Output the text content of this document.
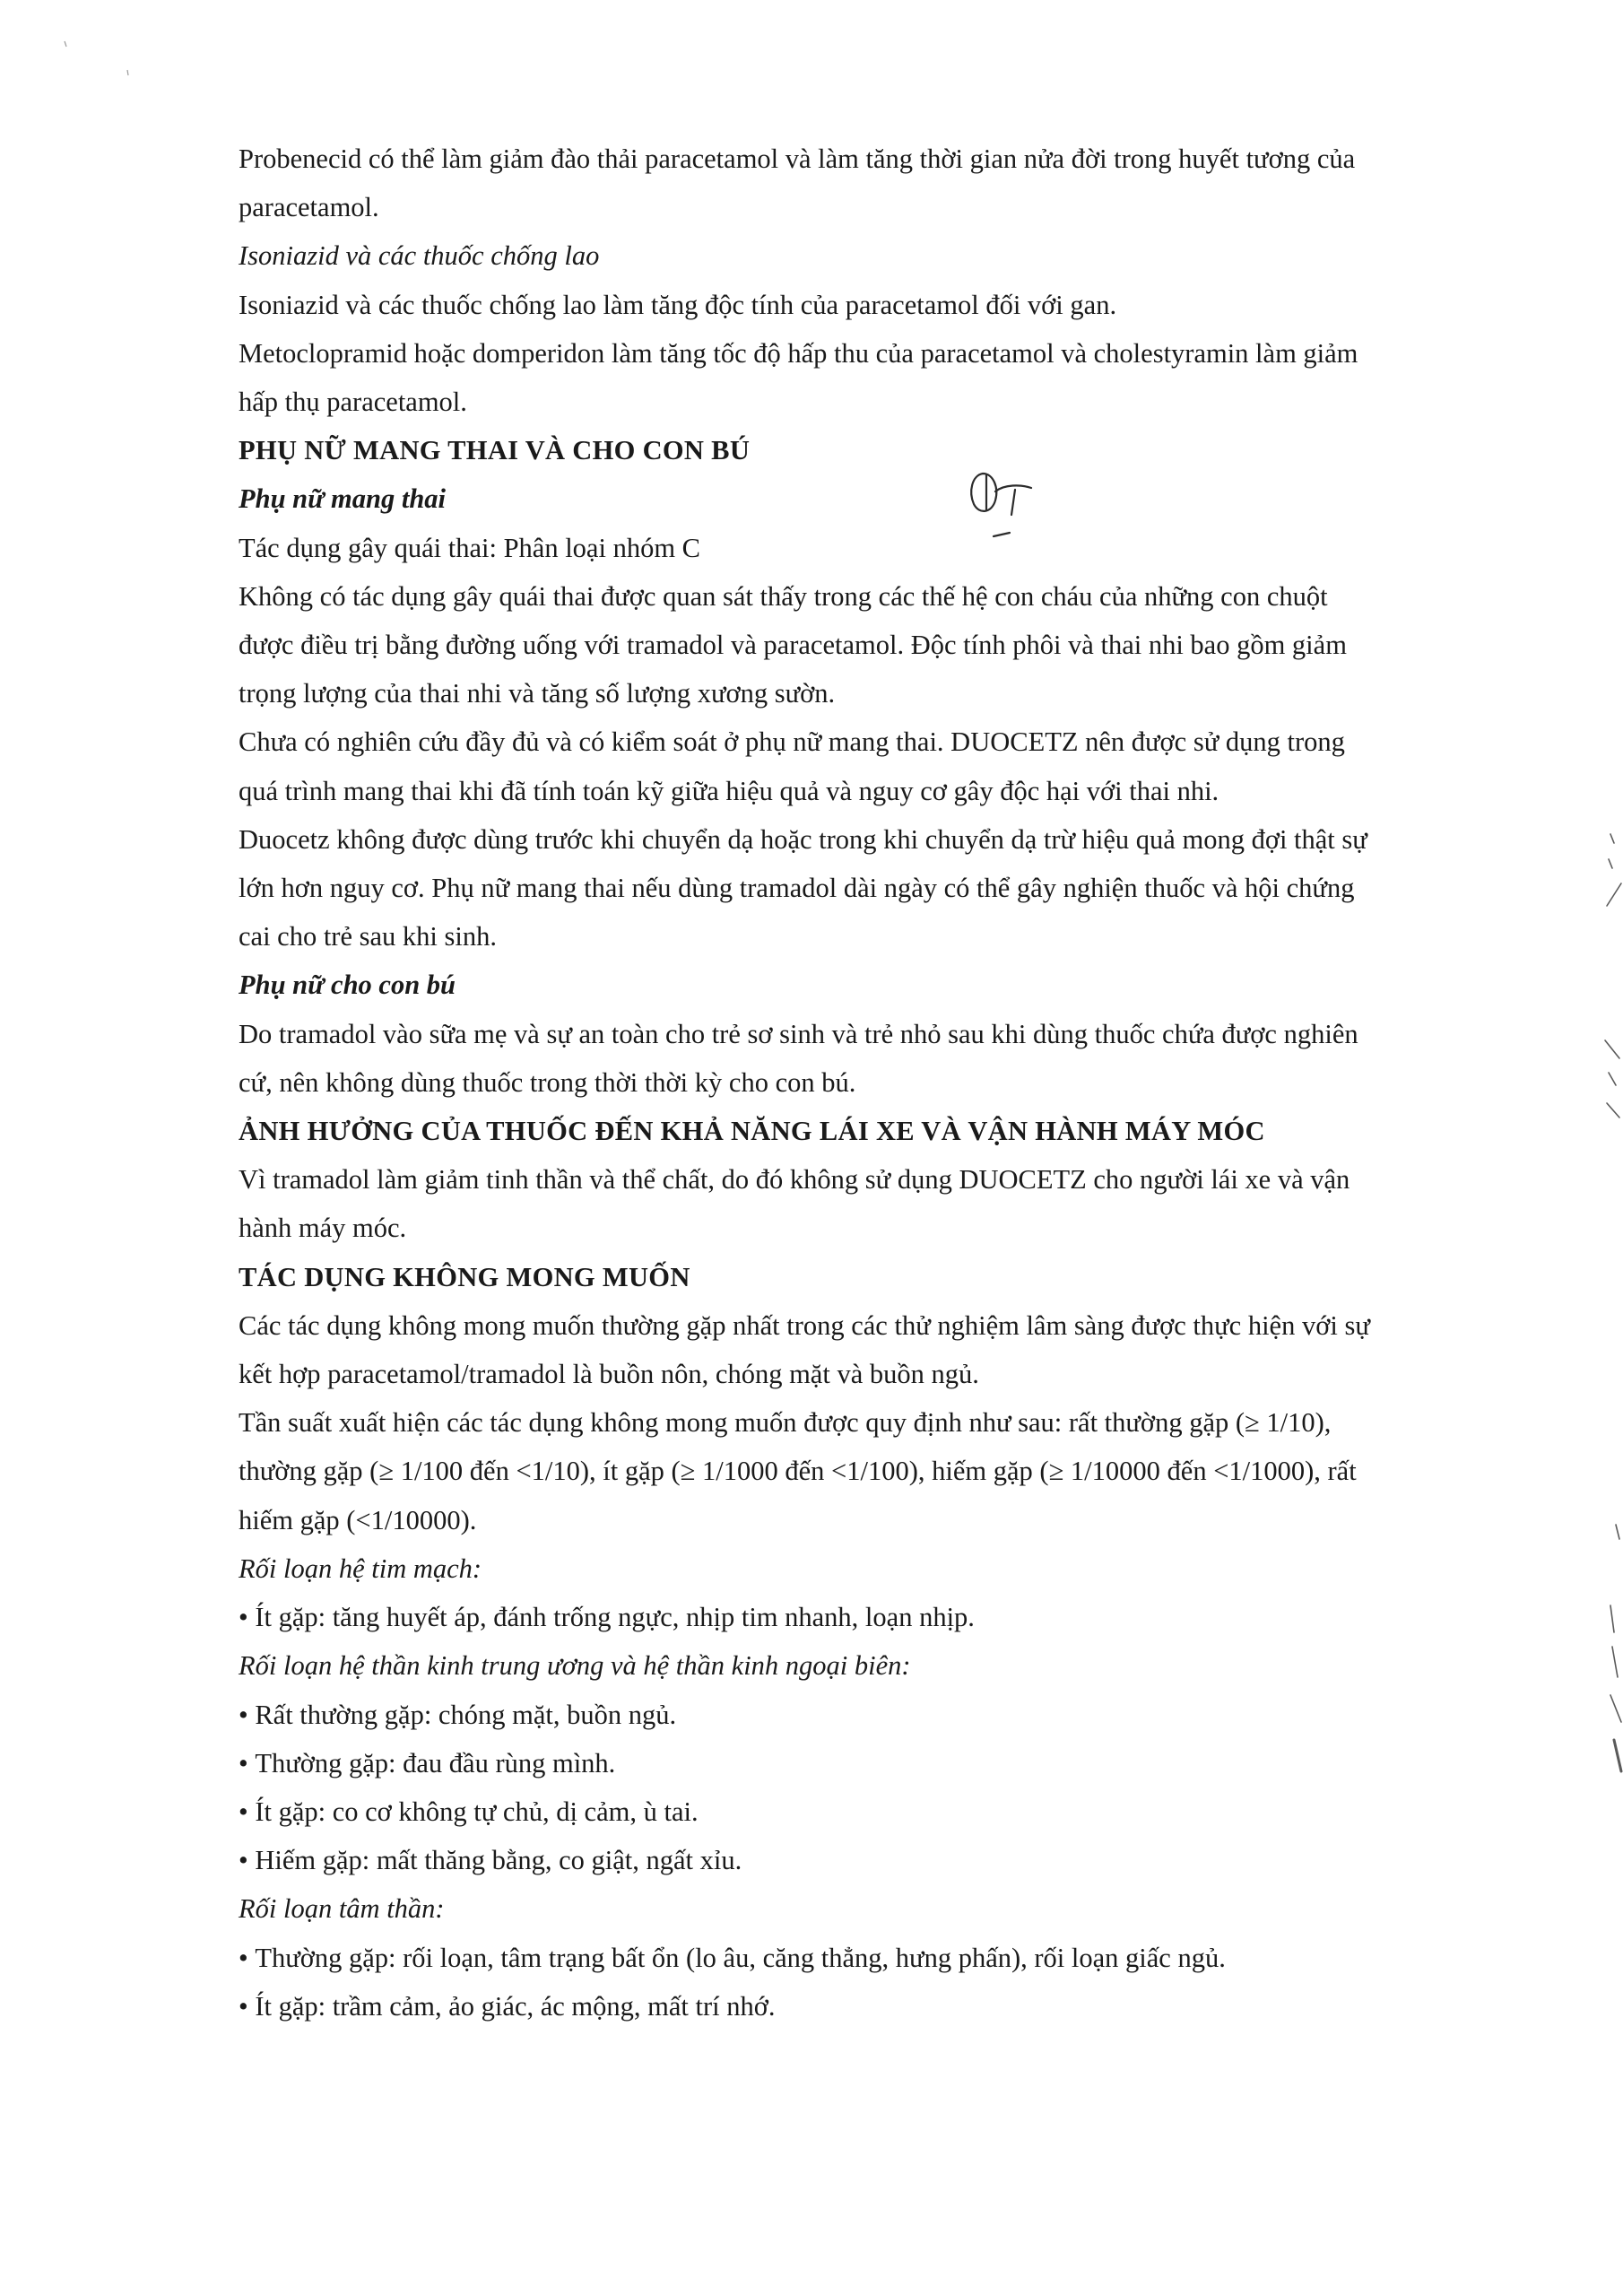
Probenecid có thể làm giảm đào thải paracetamol và làm tăng thời gian nửa đời trong huyết tương của

paracetamol.

Isoniazid và các thuốc chống lao

Isoniazid và các thuốc chống lao làm tăng độc tính của paracetamol đối với gan.

Metoclopramid hoặc domperidon làm tăng tốc độ hấp thu của paracetamol và cholestyramin làm giảm

hấp thụ paracetamol.

PHỤ NỮ MANG THAI VÀ CHO CON BÚ

Phụ nữ mang thai

Tác dụng gây quái thai: Phân loại nhóm C

Không có tác dụng gây quái thai được quan sát thấy trong các thế hệ con cháu của những con chuột

được điều trị bằng đường uống với tramadol và paracetamol. Độc tính phôi và thai nhi bao gồm giảm

trọng lượng của thai nhi và tăng số lượng xương sườn.

Chưa có nghiên cứu đầy đủ và có kiểm soát ở phụ nữ mang thai. DUOCETZ nên được sử dụng trong

quá trình mang thai khi đã tính toán kỹ giữa hiệu quả và nguy cơ gây độc hại với thai nhi.

Duocetz không được dùng trước khi chuyển dạ hoặc trong khi chuyển dạ trừ hiệu quả mong đợi thật sự

lớn hơn nguy cơ. Phụ nữ mang thai nếu dùng tramadol dài ngày có thể gây nghiện thuốc và hội chứng

cai cho trẻ sau khi sinh.

Phụ nữ cho con bú

Do tramadol vào sữa mẹ và sự an toàn cho trẻ sơ sinh và trẻ nhỏ sau khi dùng thuốc chứa được nghiên

cứ, nên không dùng thuốc trong thời thời kỳ cho con bú.

ẢNH HƯỞNG CỦA THUỐC ĐẾN KHẢ NĂNG LÁI XE VÀ VẬN HÀNH MÁY MÓC

Vì tramadol làm giảm tinh thần và thể chất, do đó không sử dụng DUOCETZ cho người lái xe và vận

hành máy móc.

TÁC DỤNG KHÔNG MONG MUỐN

Các tác dụng không mong muốn thường gặp nhất trong các thử nghiệm lâm sàng được thực hiện với sự

kết hợp paracetamol/tramadol là buồn nôn, chóng mặt và buồn ngủ.

Tần suất xuất hiện các tác dụng không mong muốn được quy định như sau: rất thường gặp (≥ 1/10),

thường gặp (≥ 1/100 đến <1/10), ít gặp (≥ 1/1000 đến <1/100), hiếm gặp (≥ 1/10000 đến <1/1000), rất

hiếm gặp (<1/10000).

Rối loạn hệ tim mạch:

• Ít gặp: tăng huyết áp, đánh trống ngực, nhịp tim nhanh, loạn nhịp.

Rối loạn hệ thần kinh trung ương và hệ thần kinh ngoại biên:

• Rất thường gặp: chóng mặt, buồn ngủ.

• Thường gặp: đau đầu rùng mình.

• Ít gặp: co cơ không tự chủ, dị cảm, ù tai.

• Hiếm gặp: mất thăng bằng, co giật, ngất xỉu.

Rối loạn tâm thần:

• Thường gặp: rối loạn, tâm trạng bất ổn (lo âu, căng thẳng, hưng phấn), rối loạn giấc ngủ.

• Ít gặp: trầm cảm, ảo giác, ác mộng, mất trí nhớ.
